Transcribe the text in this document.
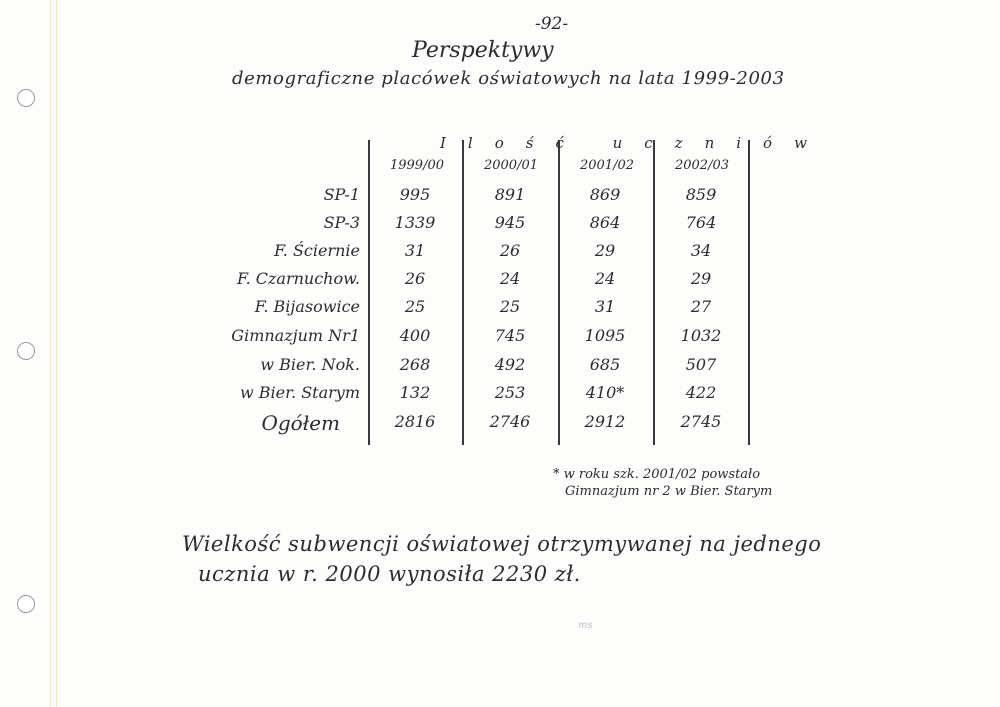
-92-
Perspektywy
demograficzne placówek oświatowych na lata 1999-2003
Ilość uczniów
1999/00	2000/01	2001/02	2002/03
SP-1	995	891	869	859
SP-3	1339	945	864	764
F. Ściernie	31	26	29	34
F. Czarnuchow.	26	24	24	29
F. Bijasowice	25	25	31	27
Gimnazjum Nr1	400	745	1095	1032
w Bier. Nok.	268	492	685	507
w Bier. Starym	132	253	410*	422
Ogółem	2816	2746	2912	2745
* w roku szk. 2001/02 powstało
Gimnazjum nr 2 w Bier. Starym
Wielkość subwencji oświatowej otrzymywanej na jednego
ucznia w r. 2000 wynosiła 2230 zł.
ms
